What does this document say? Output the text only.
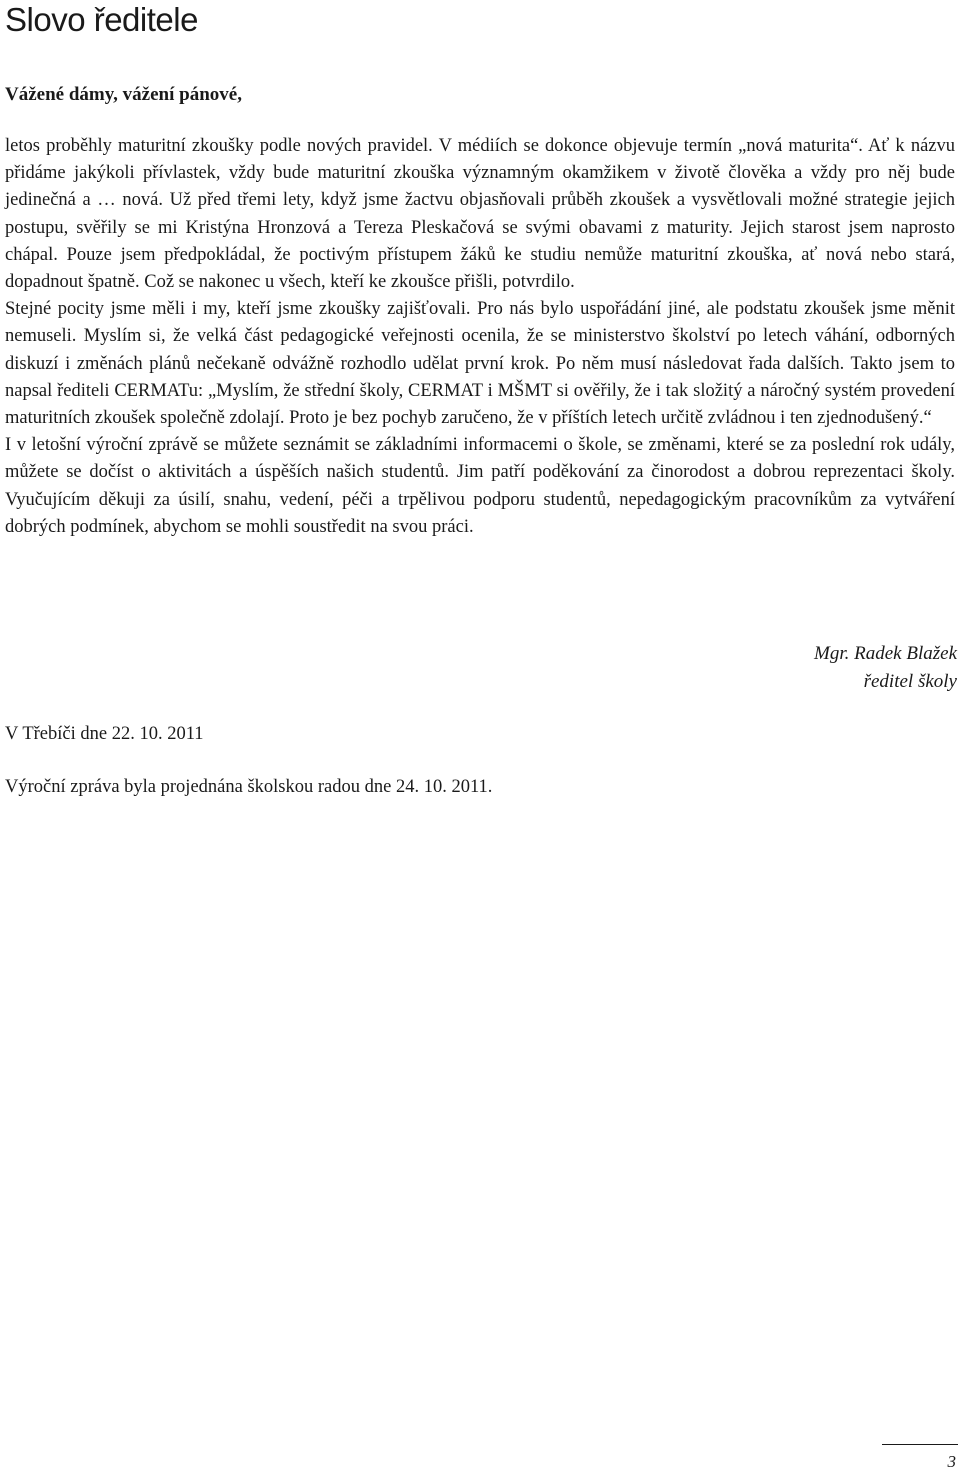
Slovo ředitele

Vážené dámy, vážení pánové,

letos proběhly maturitní zkoušky podle nových pravidel. V médiích se dokonce objevuje termín „nová maturita“. Ať k názvu přidáme jakýkoli přívlastek, vždy bude maturitní zkouška významným okamžikem v životě člověka a vždy pro něj bude jedinečná a … nová. Už před třemi lety, když jsme žactvu objasňovali průběh zkoušek a vysvětlovali možné strategie jejich postupu, svěřily se mi Kristýna Hronzová a Tereza Pleskačová se svými obavami z maturity. Jejich starost jsem naprosto chápal. Pouze jsem předpokládal, že poctivým přístupem žáků ke studiu nemůže maturitní zkouška, ať nová nebo stará, dopadnout špatně. Což se nakonec u všech, kteří ke zkoušce přišli, potvrdilo.

Stejné pocity jsme měli i my, kteří jsme zkoušky zajišťovali. Pro nás bylo uspořádání jiné, ale podstatu zkoušek jsme měnit nemuseli. Myslím si, že velká část pedagogické veřejnosti ocenila, že se ministerstvo školství po letech váhání, odborných diskuzí i změnách plánů nečekaně odvážně rozhodlo udělat první krok. Po něm musí následovat řada dalších. Takto jsem to napsal řediteli CERMATu: „Myslím, že střední školy, CERMAT i MŠMT si ověřily, že i tak složitý a náročný systém provedení maturitních zkoušek společně zdolají. Proto je bez pochyb zaručeno, že v příštích letech určitě zvládnou i ten zjednodušený.“

I v letošní výroční zprávě se můžete seznámit se základními informacemi o škole, se změnami, které se za poslední rok udály, můžete se dočíst o aktivitách a úspěších našich studentů. Jim patří poděkování za činorodost a dobrou reprezentaci školy. Vyučujícím děkuji za úsilí, snahu, vedení, péči a trpělivou podporu studentů, nepedagogickým pracovníkům za vytváření dobrých podmínek, abychom se mohli soustředit na svou práci.

Mgr. Radek Blažek
ředitel školy

V Třebíči dne 22. 10. 2011

Výroční zpráva byla projednána školskou radou dne 24. 10. 2011.

3
